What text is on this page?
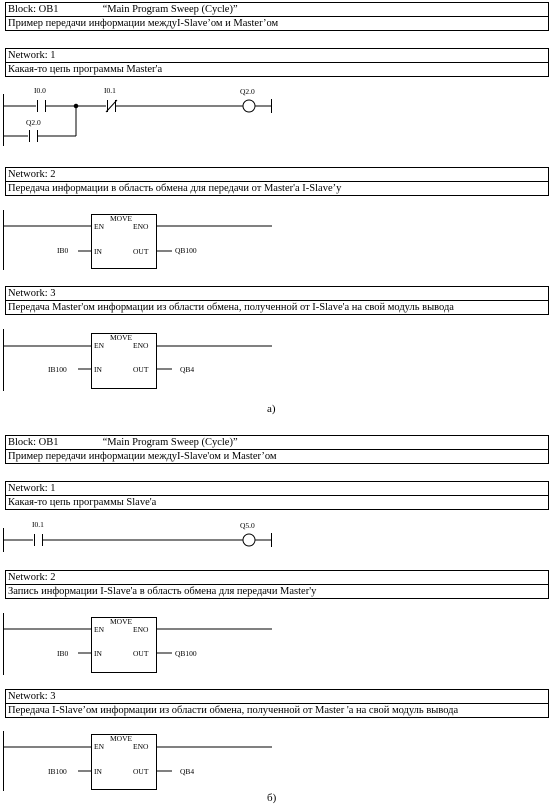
Block: OB1	“Main Program Sweep (Cycle)”
Пример передачи информации междуI-Slave’ом и Master’ом
Network: 1
Какая-то цепь программы Master'a
I0.0
Q2.0
I0.1	Q2.0
Network: 2
Передача информации в область обмена для передачи от Master'a I-Slave’у
MOVE
EN	ENO
IN	OUT
IB0	QB100
Network: 3
Передача Master'ом информации из области обмена, полученной от I-Slave'а на свой модуль вывода
MOVE
EN	ENO
IN	OUT
IB100	QB4
а)
Block: OB1	“Main Program Sweep (Cycle)”
Пример передачи информации междуI-Slave'ом и Master’ом
Network: 1
Какая-то цепь программы Slave'a
I0.1	Q5.0
Network: 2
Запись информации I-Slave'a в область обмена для передачи Master'у
MOVE
EN	ENO
IN	OUT
IB0	QB100
Network: 3
Передача I-Slave’ом информации из области обмена, полученной от Master 'a на свой модуль вывода
MOVE
EN	ENO
IN	OUT
IB100	QB4
б)
